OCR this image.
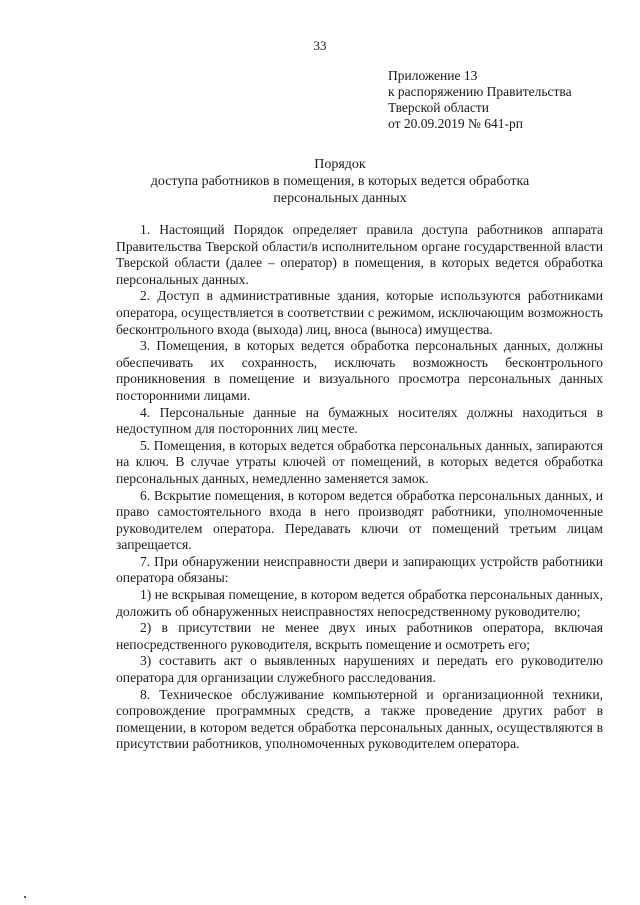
33
Приложение 13
к распоряжению Правительства
Тверской области
от 20.09.2019 № 641-рп
Порядок
доступа работников в помещения, в которых ведется обработка
персональных данных

1. Настоящий Порядок определяет правила доступа работников аппарата Правительства Тверской области/в исполнительном органе государственной власти Тверской области (далее – оператор) в помещения, в которых ведется обработка персональных данных.

2. Доступ в административные здания, которые используются работниками оператора, осуществляется в соответствии с режимом, исключающим возможность бесконтрольного входа (выхода) лиц, вноса (выноса) имущества.

3. Помещения, в которых ведется обработка персональных данных, должны обеспечивать их сохранность, исключать возможность бесконтрольного проникновения в помещение и визуального просмотра персональных данных посторонними лицами.

4. Персональные данные на бумажных носителях должны находиться в недоступном для посторонних лиц месте.

5. Помещения, в которых ведется обработка персональных данных, запираются на ключ. В случае утраты ключей от помещений, в которых ведется обработка персональных данных, немедленно заменяется замок.

6. Вскрытие помещения, в котором ведется обработка персональных данных, и право самостоятельного входа в него производят работники, уполномоченные руководителем оператора. Передавать ключи от помещений третьим лицам запрещается.

7. При обнаружении неисправности двери и запирающих устройств работники оператора обязаны:

1) не вскрывая помещение, в котором ведется обработка персональных данных, доложить об обнаруженных неисправностях непосредственному руководителю;

2) в присутствии не менее двух иных работников оператора, включая непосредственного руководителя, вскрыть помещение и осмотреть его;

3) составить акт о выявленных нарушениях и передать его руководителю оператора для организации служебного расследования.

8. Техническое обслуживание компьютерной и организационной техники, сопровождение программных средств, а также проведение других работ в помещении, в котором ведется обработка персональных данных, осуществляются в присутствии работников, уполномоченных руководителем оператора.
